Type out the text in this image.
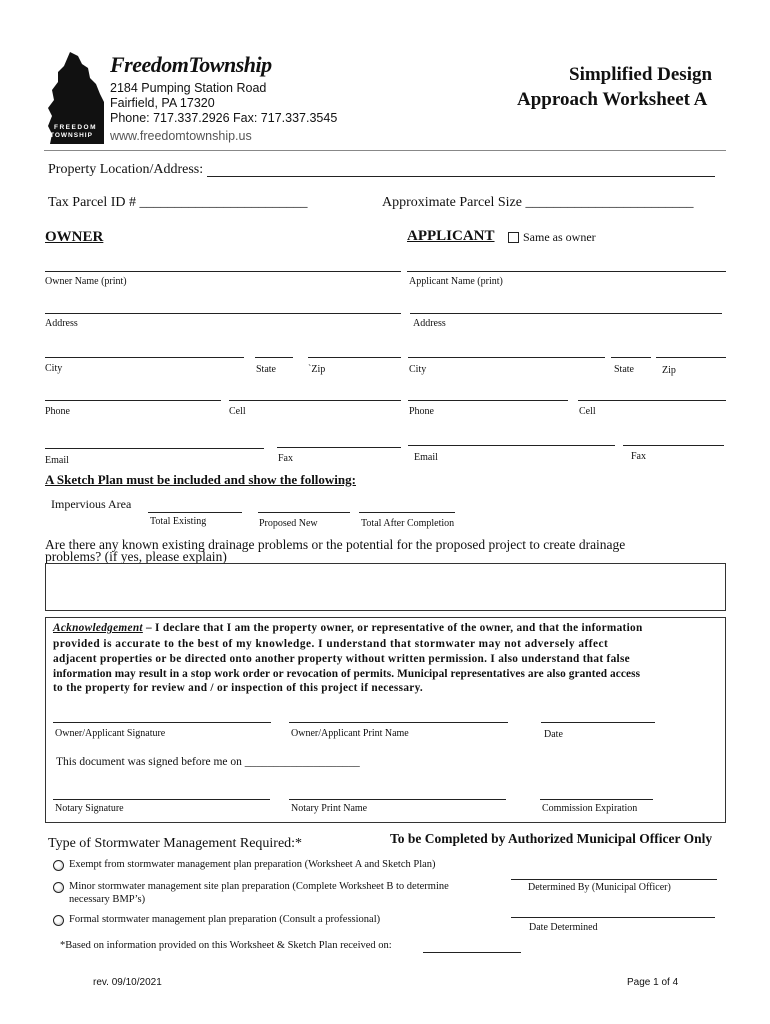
FREEDOM
TOWNSHIP
FreedomTownship
2184 Pumping Station Road
Fairfield, PA 17320
Phone: 717.337.2926 Fax: 717.337.3545
www.freedomtownship.us
Simplified Design
Approach Worksheet A
Property Location/Address:
Tax Parcel ID # ________________________	Approximate Parcel Size ________________________
OWNER	APPLICANT Same as owner
Owner Name (print)	Applicant Name (print)
Address	Address
City	State	`Zip	City	State	Zip
Phone	Cell	Phone	Cell
Email	Fax	Email	Fax
A Sketch Plan must be included and show the following:
Impervious Area
Total Existing	Proposed New	Total After Completion
Are there any known existing drainage problems or the potential for the proposed project to create drainage
problems? (if yes, please explain)
Acknowledgement – I declare that I am the property owner, or representative of the owner, and that the information
provided is accurate to the best of my knowledge. I understand that stormwater may not adversely affect
adjacent properties or be directed onto another property without written permission. I also understand that false
information may result in a stop work order or revocation of permits. Municipal representatives are also granted access
to the property for review and / or inspection of this project if necessary.
Owner/Applicant Signature	Owner/Applicant Print Name	Date
This document was signed before me on ____________________
Notary Signature	Notary Print Name	Commission Expiration
Type of Stormwater Management Required:*	To be Completed by Authorized Municipal Officer Only
Exempt from stormwater management plan preparation (Worksheet A and Sketch Plan)
Minor stormwater management site plan preparation (Complete Worksheet B to determine
necessary BMP’s)
Formal stormwater management plan preparation (Consult a professional)
Determined By (Municipal Officer)
Date Determined
*Based on information provided on this Worksheet & Sketch Plan received on:
rev. 09/10/2021	Page 1 of 4
